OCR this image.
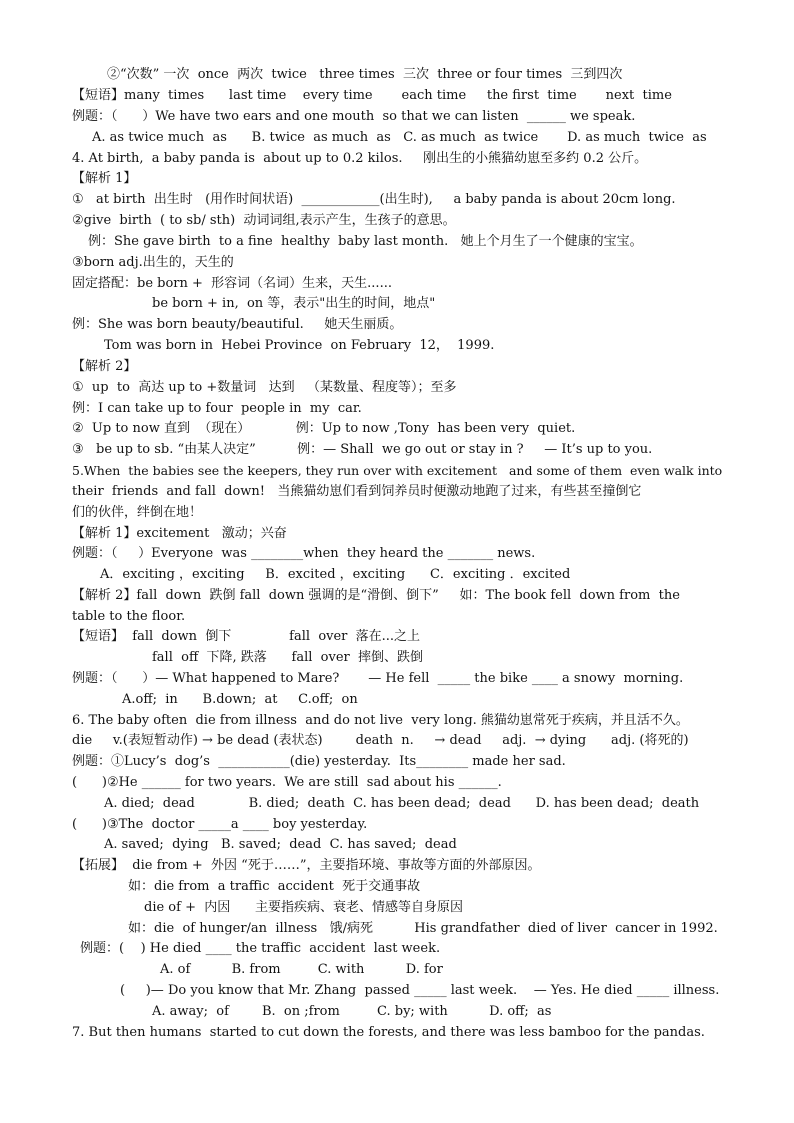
②“次数” 一次  once  两次  twice   three times  三次  three or four times  三到四次
【短语】many  times      last time    every time       each time     the first  time       next  time
例题：（      ）We have two ears and one mouth  so that we can listen  ______ we speak.
A. as twice much  as      B. twice  as much  as   C. as much  as twice       D. as much  twice  as
4. At birth,  a baby panda is  about up to 0.2 kilos.     刚出生的小熊猫幼崽至多约 0.2 公斤。
【解析 1】
①   at birth  出生时   (用作时间状语)  ____________(出生时),     a baby panda is about 20cm long.
②give  birth  ( to sb/ sth)  动词词组,表示产生，生孩子的意思。
例：She gave birth  to a fine  healthy  baby last month.   她上个月生了一个健康的宝宝。
③born adj.出生的，天生的
固定搭配：be born +  形容词（名词）生来，天生......
be born + in,  on 等，表示"出生的时间，地点"
例：She was born beauty/beautiful.     她天生丽质。
Tom was born in  Hebei Province  on February  12，  1999.
【解析 2】
①  up  to  高达 up to +数量词   达到   （某数量、程度等）；至多
例：I can take up to four  people in  my  car.
②  Up to now 直到  （现在）           例：Up to now ,Tony  has been very  quiet.
③   be up to sb. “由某人决定”          例：— Shall  we go out or stay in ?     — It’s up to you.
5.When  the babies see the keepers, they run over with excitement   and some of them  even walk into
their  friends  and fall  down!   当熊猫幼崽们看到饲养员时便激动地跑了过来，有些甚至撞倒它
们的伙伴，绊倒在地！
【解析 1】excitement   激动；兴奋
例题：（     ）Everyone  was ________when  they heard the _______ news.
A．exciting ，exciting     B．excited ，exciting      C．exciting ．excited
【解析 2】fall  down  跌倒 fall  down 强调的是“滑倒、倒下”     如：The book fell  down from  the
table to the floor.
【短语】  fall  down  倒下              fall  over  落在...之上
fall  off  下降, 跌落      fall  over  摔倒、跌倒
例题：（      ）— What happened to Mare?       — He fell  _____ the bike ____ a snowy  morning.
A.off;  in      B.down;  at     C.off;  on
6. The baby often  die from illness  and do not live  very long. 熊猫幼崽常死于疾病，并且活不久。
die     v.(表短暂动作) → be dead (表状态)        death  n.     → dead     adj.  → dying      adj. (将死的)
例题：①Lucy’s  dog’s  ___________(die) yesterday.  Its________ made her sad.
(      )②He ______ for two years.  We are still  sad about his ______.
A. died;  dead             B. died;  death  C. has been dead;  dead      D. has been dead;  death
(      )③The  doctor _____a ____ boy yesterday.
A. saved;  dying   B. saved;  dead  C. has saved;  dead
【拓展】  die from +  外因 “死于……”，主要指环境、事故等方面的外部原因。
如：die from  a traffic  accident  死于交通事故
die of +  内因      主要指疾病、衰老、情感等自身原因
如：die  of hunger/an  illness   饿/病死          His grandfather  died of liver  cancer in 1992.
例题：(    ) He died ____ the traffic  accident  last week.
A. of          B. from         C. with          D. for
(     )— Do you know that Mr. Zhang  passed _____ last week.    — Yes. He died _____ illness.
A. away;  of        B.  on ;from         C. by; with          D. off;  as
7. But then humans  started to cut down the forests, and there was less bamboo for the pandas.
